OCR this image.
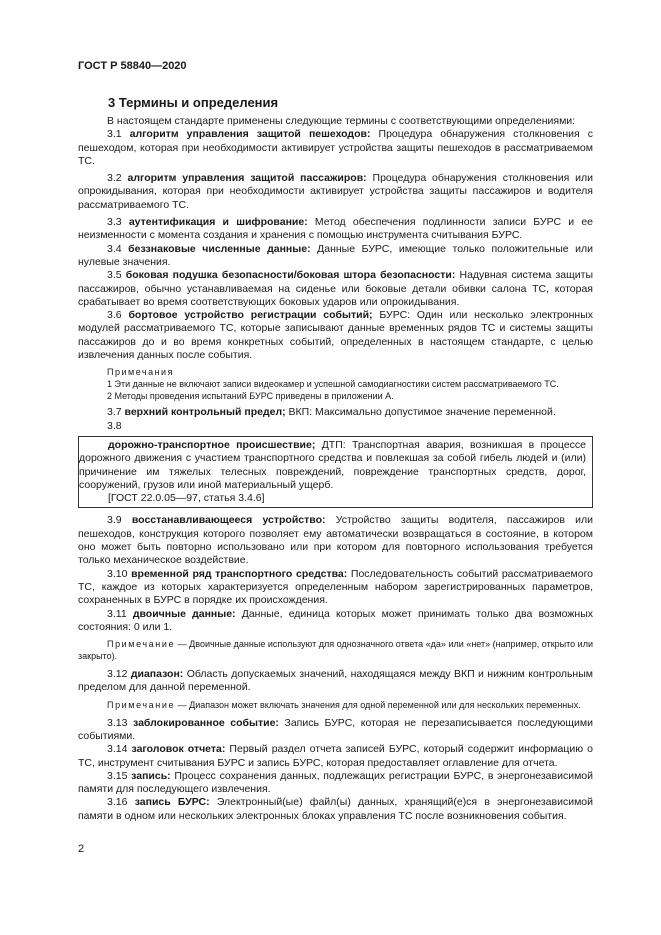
ГОСТ Р 58840—2020
3 Термины и определения

В настоящем стандарте применены следующие термины с соответствующими определениями:

3.1 алгоритм управления защитой пешеходов: Процедура обнаружения столкновения с пешеходом, которая при необходимости активирует устройства защиты пешеходов в рассматриваемом ТС.

3.2 алгоритм управления защитой пассажиров: Процедура обнаружения столкновения или опрокидывания, которая при необходимости активирует устройства защиты пассажиров и водителя рассматриваемого ТС.

3.3 аутентификация и шифрование: Метод обеспечения подлинности записи БУРС и ее неизменности с момента создания и хранения с помощью инструмента считывания БУРС.

3.4 беззнаковые численные данные: Данные БУРС, имеющие только положительные или нулевые значения.

3.5 боковая подушка безопасности/боковая штора безопасности: Надувная система защиты пассажиров, обычно устанавливаемая на сиденье или боковые детали обивки салона ТС, которая срабатывает во время соответствующих боковых ударов или опрокидывания.

3.6 бортовое устройство регистрации событий; БУРС: Один или несколько электронных модулей рассматриваемого ТС, которые записывают данные временных рядов ТС и системы защиты пассажиров до и во время конкретных событий, определенных в настоящем стандарте, с целью извлечения данных после события.

Примечания

1 Эти данные не включают записи видеокамер и успешной самодиагностики систем рассматриваемого ТС.

2 Методы проведения испытаний БУРС приведены в приложении А.

3.7 верхний контрольный предел; ВКП: Максимально допустимое значение переменной.

3.8

дорожно-транспортное происшествие; ДТП: Транспортная авария, возникшая в процессе дорожного движения с участием транспортного средства и повлекшая за собой гибель людей и (или) причинение им тяжелых телесных повреждений, повреждение транспортных средств, дорог, сооружений, грузов или иной материальный ущерб.

[ГОСТ 22.0.05—97, статья 3.4.6]

3.9 восстанавливающееся устройство: Устройство защиты водителя, пассажиров или пешеходов, конструкция которого позволяет ему автоматически возвращаться в состояние, в котором оно может быть повторно использовано или при котором для повторного использования требуется только механическое воздействие.

3.10 временной ряд транспортного средства: Последовательность событий рассматриваемого ТС, каждое из которых характеризуется определенным набором зарегистрированных параметров, сохраненных в БУРС в порядке их происхождения.

3.11 двоичные данные: Данные, единица которых может принимать только два возможных состояния: 0 или 1.

Примечание — Двоичные данные используют для однозначного ответа «да» или «нет» (например, открыто или закрыто).

3.12 диапазон: Область допускаемых значений, находящаяся между ВКП и нижним контрольным пределом для данной переменной.

Примечание — Диапазон может включать значения для одной переменной или для нескольких переменных.

3.13 заблокированное событие: Запись БУРС, которая не перезаписывается последующими событиями.

3.14 заголовок отчета: Первый раздел отчета записей БУРС, который содержит информацию о ТС, инструмент считывания БУРС и запись БУРС, которая предоставляет оглавление для отчета.

3.15 запись: Процесс сохранения данных, подлежащих регистрации БУРС, в энергонезависимой памяти для последующего извлечения.

3.16 запись БУРС: Электронный(ые) файл(ы) данных, хранящий(е)ся в энергонезависимой памяти в одном или нескольких электронных блоках управления ТС после возникновения события.

2
